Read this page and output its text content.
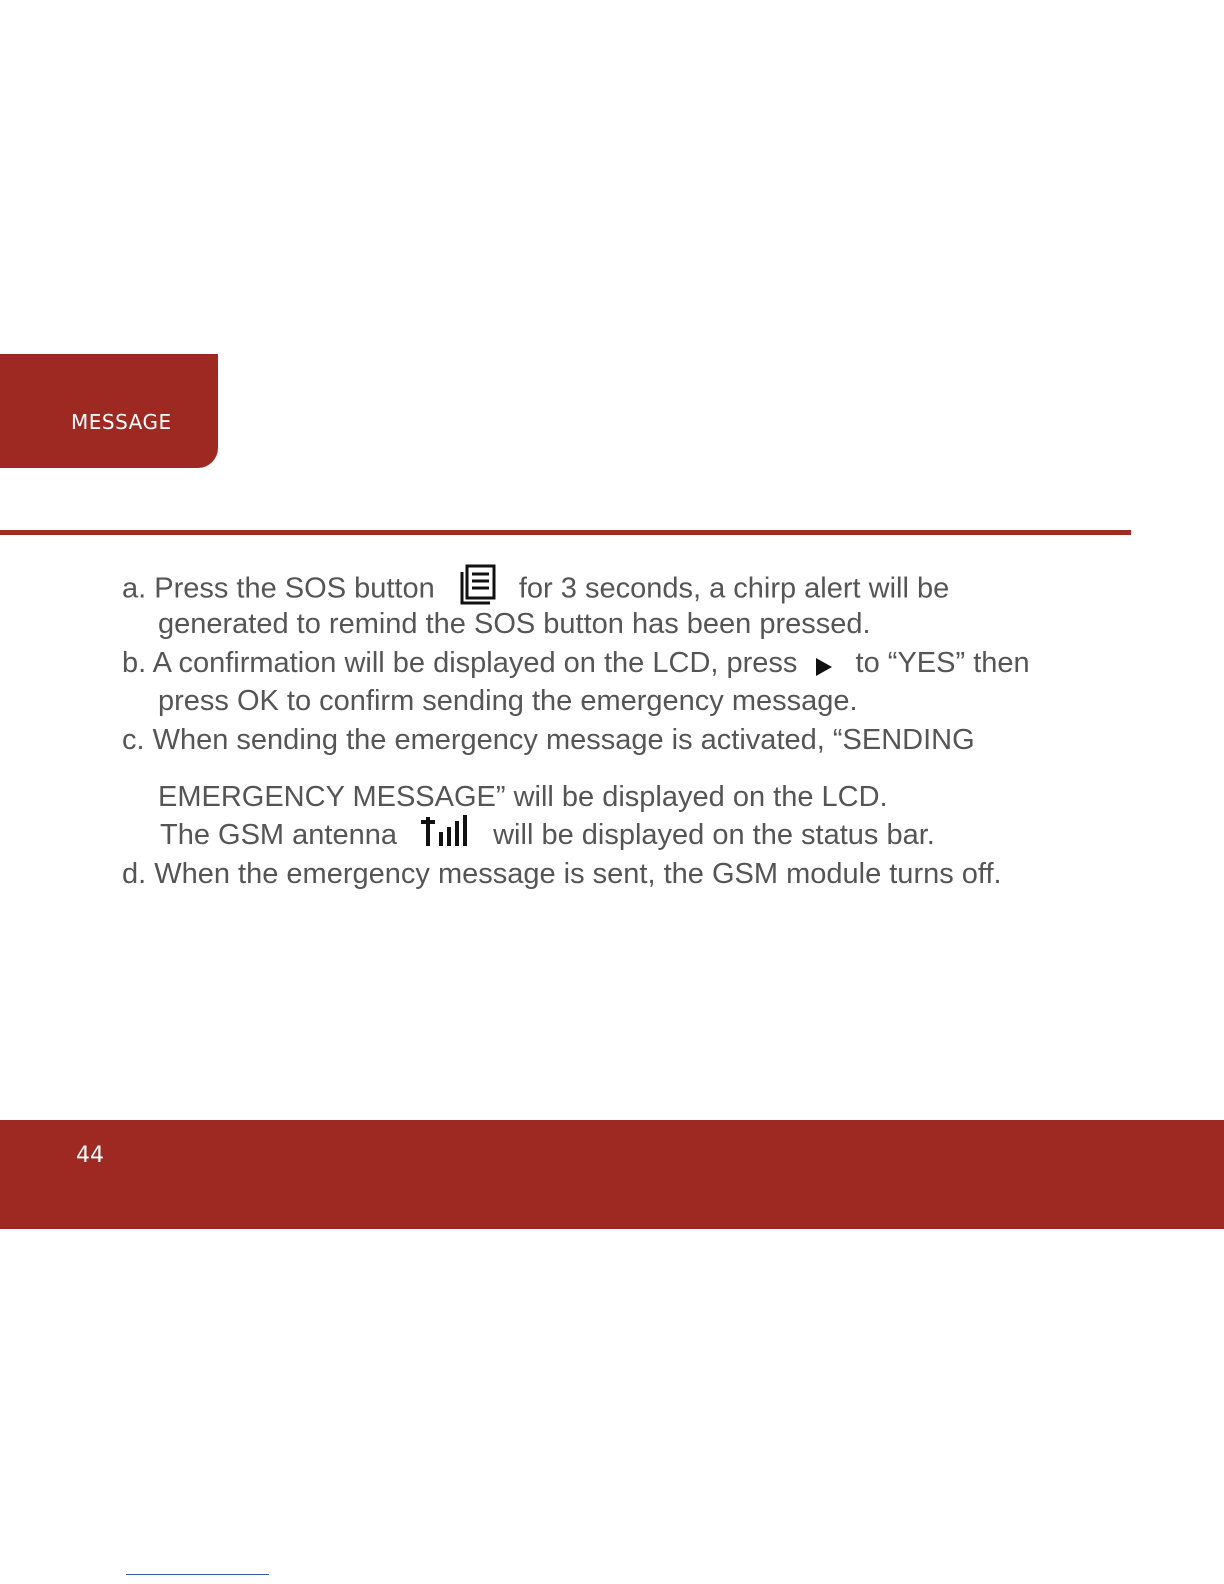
MESSAGE
a. Press the SOS button	for 3 seconds, a chirp alert will be
generated to remind the SOS button has been pressed.
b. A confirmation will be displayed on the LCD, press to “YES” then
press OK to confirm sending the emergency message.
c. When sending the emergency message is activated, “SENDING
EMERGENCY MESSAGE” will be displayed on the LCD.
The GSM antenna	will be displayed on the status bar.
d. When the emergency message is sent, the GSM module turns off.
44
